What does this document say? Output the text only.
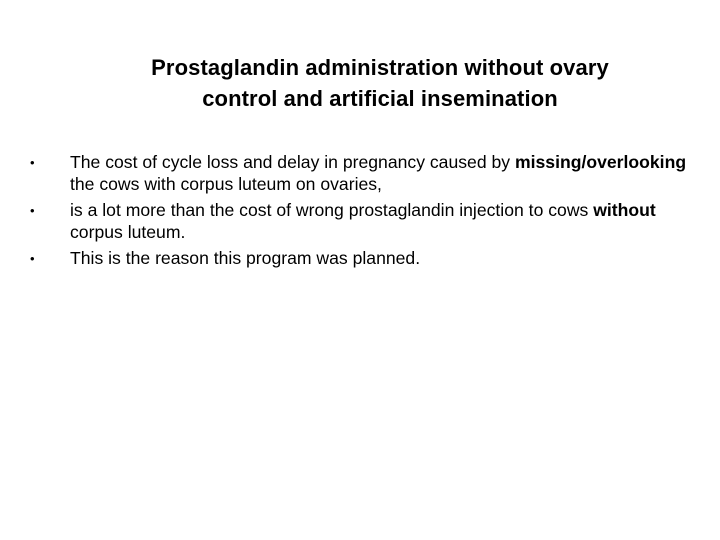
Prostaglandin administration without ovary
control and artificial insemination
•	The cost of cycle loss and delay in pregnancy caused by missing/overlooking the cows with corpus luteum on ovaries,
•	is a lot more than the cost of wrong prostaglandin injection to cows without corpus luteum.
•	This is the reason this program was planned.
